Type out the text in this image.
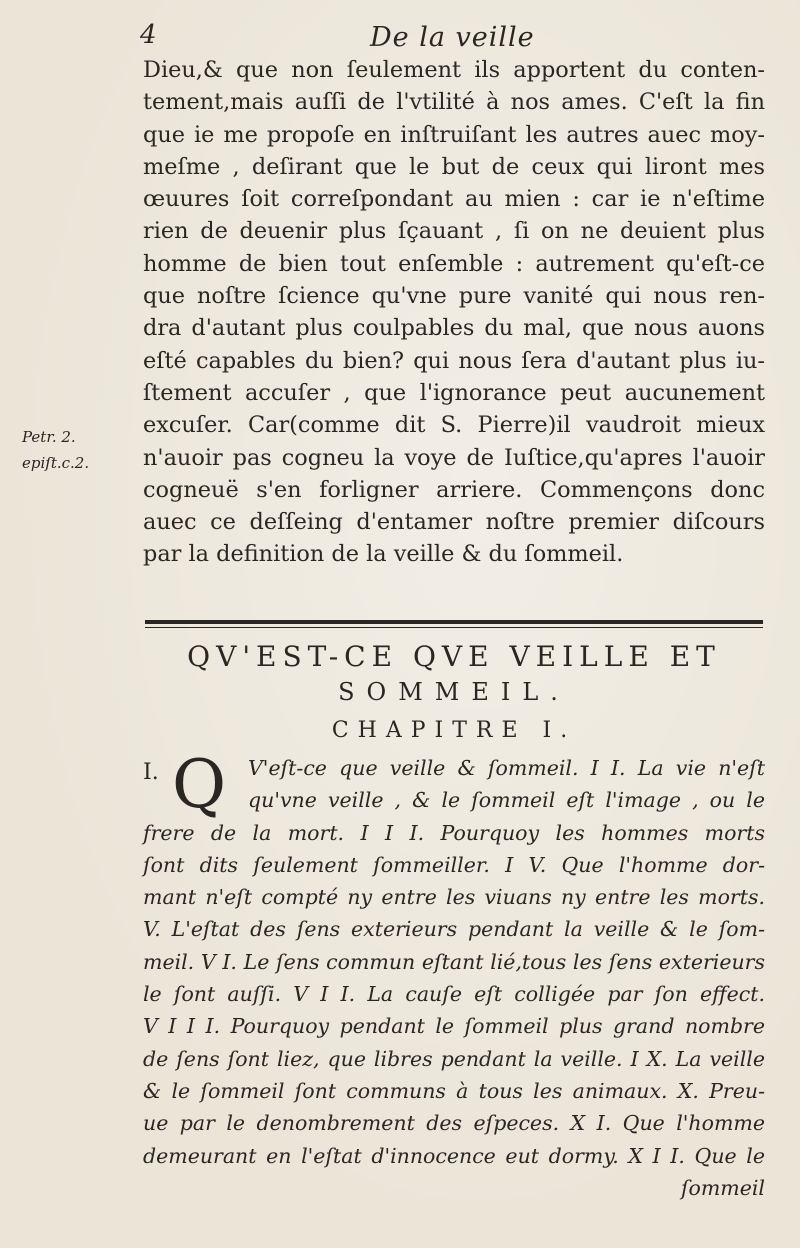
4	De la veille
Dieu,& que non ſeulement ils apportent du conten-
tement,mais auſſi de l'vtilité à nos ames. C'eſt la fin
que ie me propoſe en inſtruiſant les autres auec moy-
meſme , deſirant que le but de ceux qui liront mes
œuures ſoit correſpondant au mien : car ie n'eſtime
rien de deuenir plus ſçauant , ſi on ne deuient plus
homme de bien tout enſemble : autrement qu'eſt-ce
que noſtre ſcience qu'vne pure vanité qui nous ren-
dra d'autant plus coulpables du mal, que nous auons
eſté capables du bien? qui nous ſera d'autant plus iu-
ſtement accuſer , que l'ignorance peut aucunement
excuſer. Car(comme dit S. Pierre)il vaudroit mieux
n'auoir pas cogneu la voye de Iuſtice,qu'apres l'auoir
cogneuë s'en forligner arriere. Commençons donc
auec ce deſſeing d'entamer noſtre premier diſcours
par la definition de la veille & du ſommeil.
Petr. 2.
epiſt.c.2.
QV'EST-CE QVE VEILLE ET
SOMMEIL.
CHAPITRE I.
I. Q	V'eſt-ce que veille & ſommeil. I I. La vie n'eſt
qu'vne veille , & le ſommeil eſt l'image , ou le
frere de la mort. I I I. Pourquoy les hommes morts
ſont dits ſeulement ſommeiller. I V. Que l'homme dor-
mant n'eſt compté ny entre les viuans ny entre les morts.
V. L'eſtat des ſens exterieurs pendant la veille & le ſom-
meil. V I. Le ſens commun eſtant lié,tous les ſens exterieurs
le ſont auſſi. V I I. La cauſe eſt colligée par ſon effect.
V I I I. Pourquoy pendant le ſommeil plus grand nombre
de ſens ſont liez, que libres pendant la veille. I X. La veille
& le ſommeil ſont communs à tous les animaux. X. Preu-
ue par le denombrement des eſpeces. X I. Que l'homme
demeurant en l'eſtat d'innocence eut dormy. X I I. Que le
ſommeil
